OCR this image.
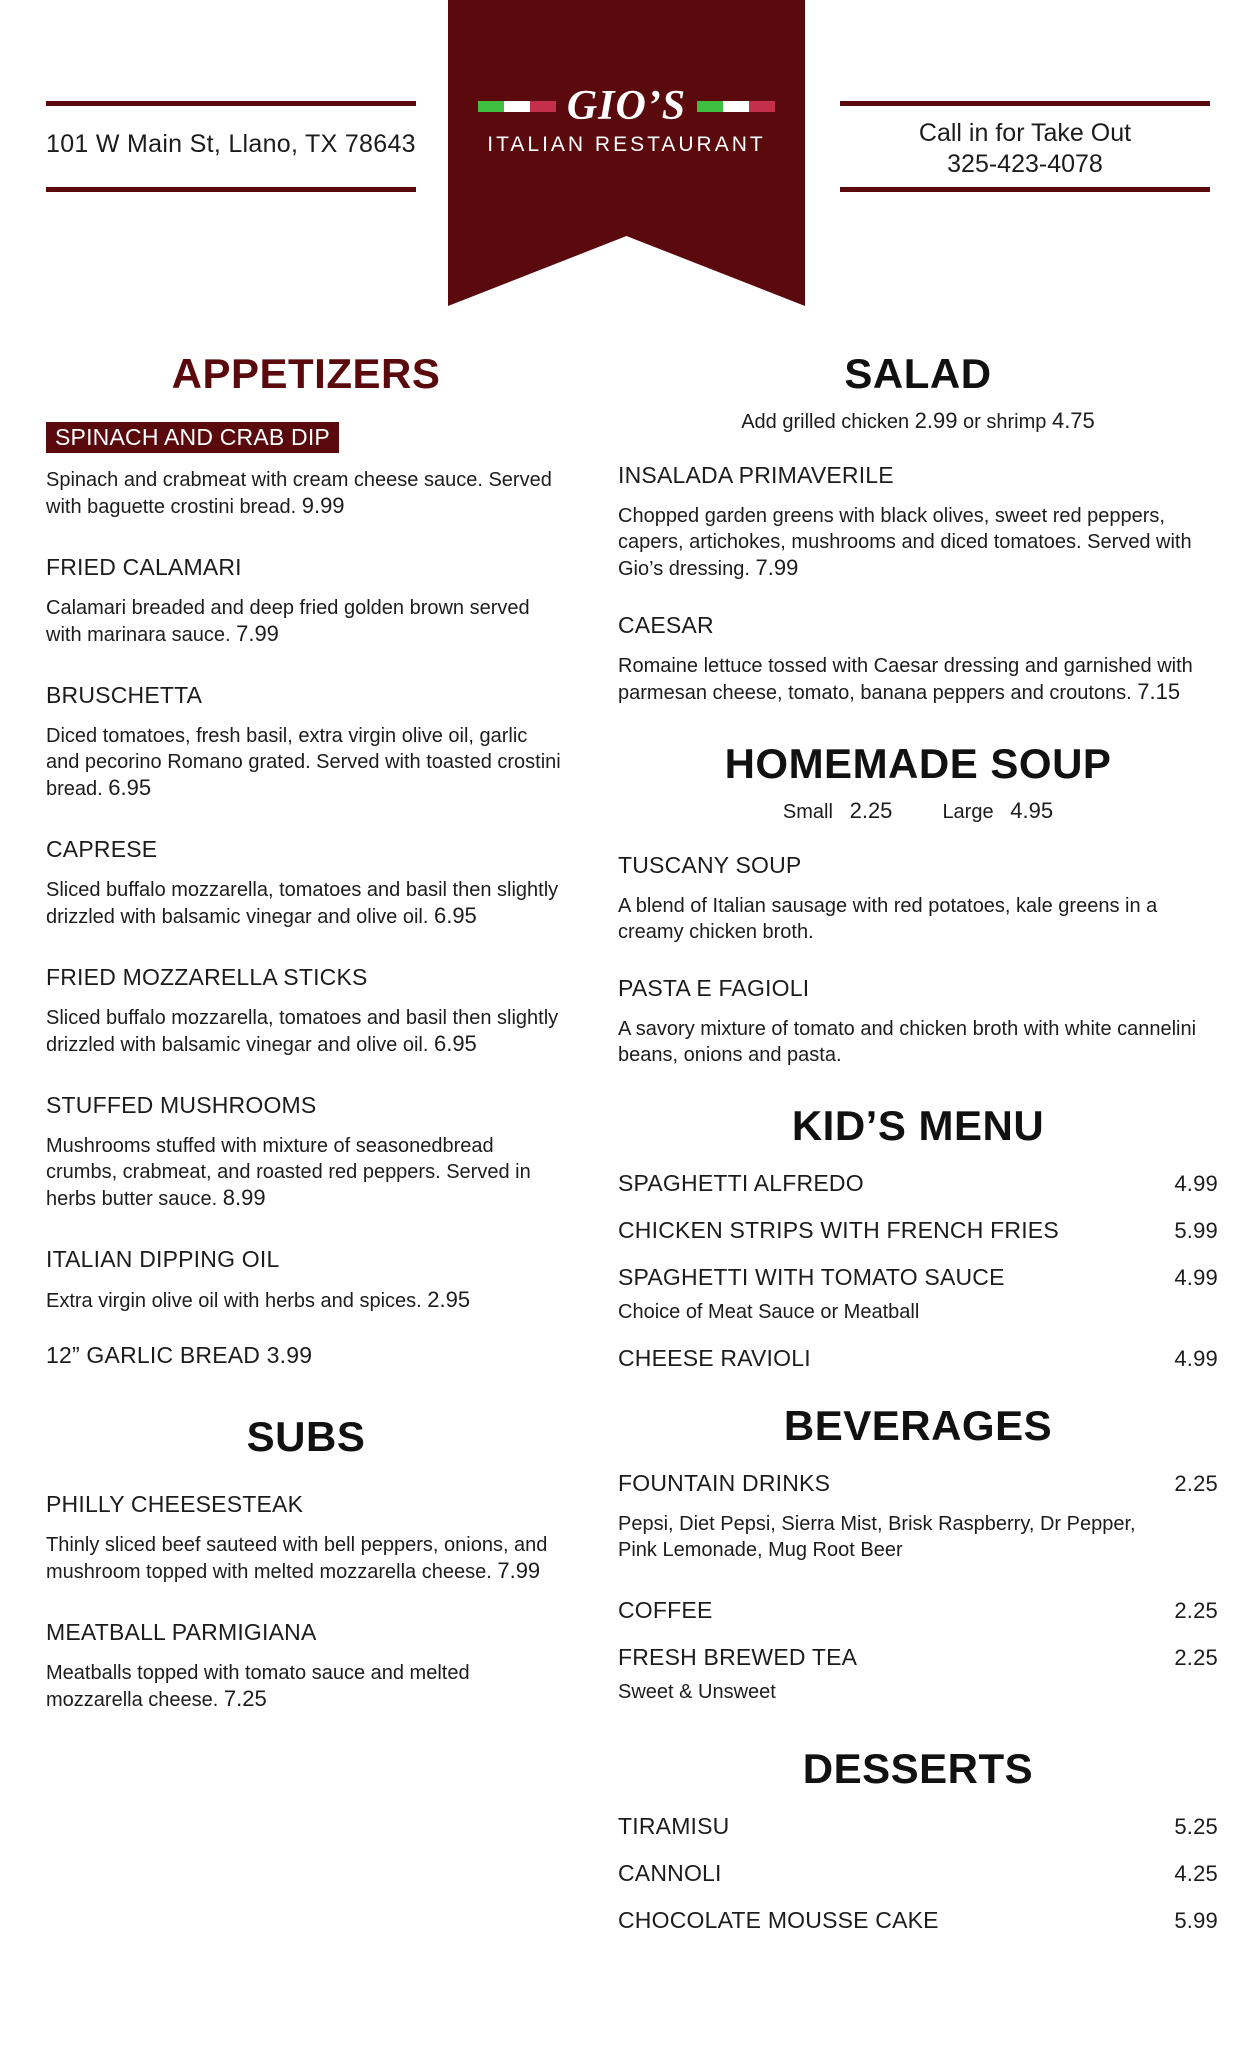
101 W Main St, Llano, TX 78643
GIO’S
ITALIAN RESTAURANT	Call in for Take Out
325-423-4078
APPETIZERS
SPINACH AND CRAB DIP
Spinach and crabmeat with cream cheese sauce. Served with baguette crostini bread. 9.99
FRIED CALAMARI
Calamari breaded and deep fried golden brown served with marinara sauce. 7.99
BRUSCHETTA
Diced tomatoes, fresh basil, extra virgin olive oil, garlic and pecorino Romano grated. Served with toasted crostini bread. 6.95
CAPRESE
Sliced buffalo mozzarella, tomatoes and basil then slightly drizzled with balsamic vinegar and olive oil. 6.95
FRIED MOZZARELLA STICKS
Sliced buffalo mozzarella, tomatoes and basil then slightly drizzled with balsamic vinegar and olive oil. 6.95
STUFFED MUSHROOMS
Mushrooms stuffed with mixture of seasonedbread crumbs, crabmeat, and roasted red peppers. Served in herbs butter sauce. 8.99
ITALIAN DIPPING OIL
Extra virgin olive oil with herbs and spices. 2.95
12” GARLIC BREAD 3.99
SUBS
PHILLY CHEESESTEAK
Thinly sliced beef sauteed with bell peppers, onions, and mushroom topped with melted mozzarella cheese. 7.99
MEATBALL PARMIGIANA
Meatballs topped with tomato sauce and melted mozzarella cheese. 7.25
SALAD
Add grilled chicken 2.99 or shrimp 4.75
INSALADA PRIMAVERILE
Chopped garden greens with black olives, sweet red peppers, capers, artichokes, mushrooms and diced tomatoes. Served with Gio’s dressing. 7.99
CAESAR
Romaine lettuce tossed with Caesar dressing and garnished with parmesan cheese, tomato, banana peppers and croutons. 7.15
HOMEMADE SOUP
Small 2.25	Large 4.95
TUSCANY SOUP
A blend of Italian sausage with red potatoes, kale greens in a creamy chicken broth.
PASTA E FAGIOLI
A savory mixture of tomato and chicken broth with white cannelini beans, onions and pasta.
KID’S MENU
SPAGHETTI ALFREDO	4.99
CHICKEN STRIPS WITH FRENCH FRIES	5.99
SPAGHETTI WITH TOMATO SAUCE	4.99
Choice of Meat Sauce or Meatball
CHEESE RAVIOLI	4.99
BEVERAGES
FOUNTAIN DRINKS	2.25
Pepsi, Diet Pepsi, Sierra Mist, Brisk Raspberry, Dr Pepper, Pink Lemonade, Mug Root Beer
COFFEE	2.25
FRESH BREWED TEA	2.25
Sweet & Unsweet
DESSERTS
TIRAMISU	5.25
CANNOLI	4.25
CHOCOLATE MOUSSE CAKE	5.99
